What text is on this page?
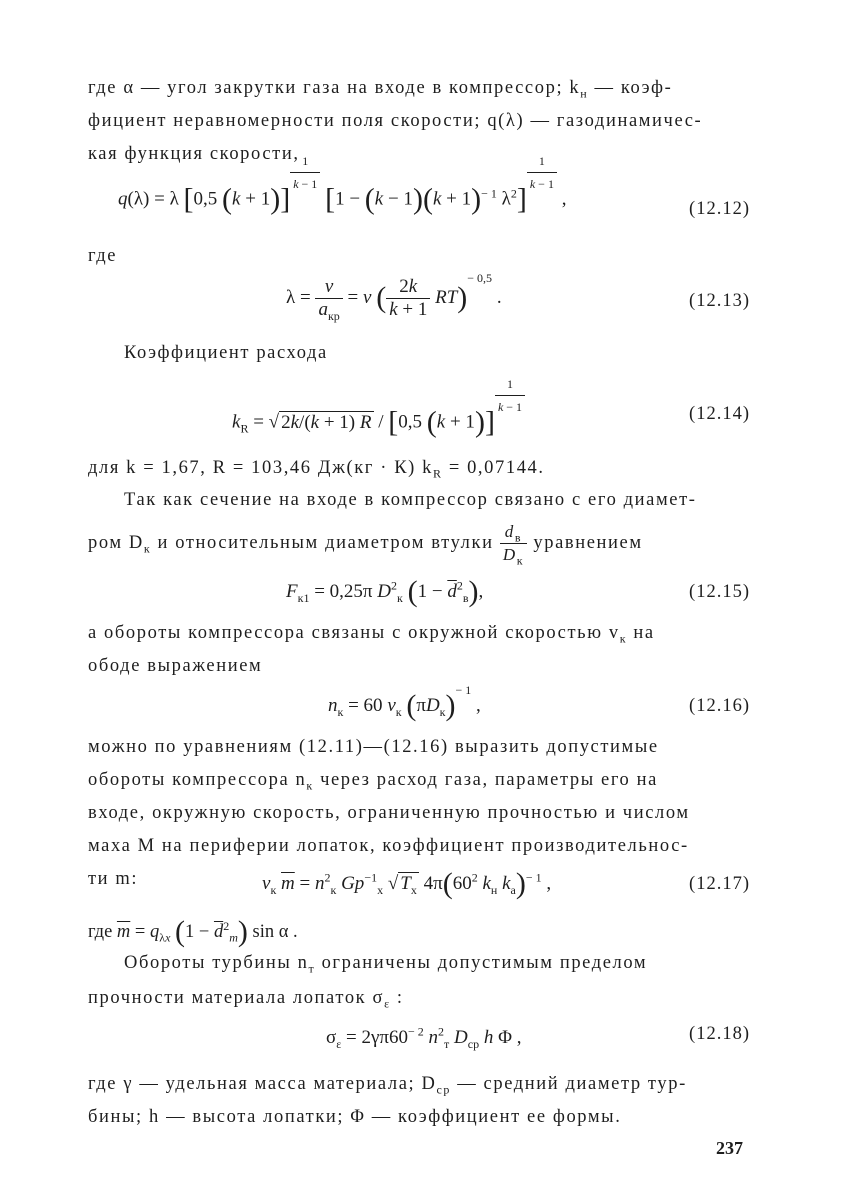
где α — угол закрутки газа на входе в компрессор; $k_н$ — коэф-
фициент неравномерности поля скорости; q(λ) — газодинамичес-
кая функция скорости,
q(λ) = λ [0,5 (k + 1)]
$^{\frac{1}{k - 1}}$
[$1 - (k - 1)(k + 1)^{- 1}$ $\lambda^2$]
$^{\frac{1}{k - 1}}$
,	(12.12)
где
$\lambda = \frac{v}{a_{кр}} = v$ ( $\frac{2k}{k + 1} RT)^{- 0,5}$ .	(12.13)
Коэффициент расхода
$k_R$ = √ 2k/(k + 1) R / [0,5 (k + 1)]
$^{\frac{1}{k - 1}}$	(12.14)
для k = 1,67, R = 103,46 Дж(кг · К) $k_R = 0,07144$.
Так как сечение на входе в компрессор связано с его диамет-
ром $D_к$ и относительным диаметром втулки $\frac{d_в}{D_к}$ уравнением
$F_{к1} = 0,25\pi$ $D^2_к$ $(1 - \overline{d}^2_в)$,	(12.15)
а обороты компрессора связаны с окружной скоростью $v_к$ на
ободе выражением
$n_к = 60$ $v_к$ $(\pi D_к)^{- 1}$ ,	(12.16)
можно по уравнениям (12.11)—(12.16) выразить допустимые
обороты компрессора $n_к$ через расход газа, параметры его на
входе, окружную скорость, ограниченную прочностью и числом
маха М на периферии лопаток, коэффициент производительнос-
ти m:	$v_к$ $\overline{m} = n^2_к$ $Gp^{-1}_х$ √ $T_х$ $4\pi(60^2$ $k_н$ $k_а)^{- 1}$ ,	(12.17)
где $\overline{m} = q_{\lambda x}$ $(1 - \overline{d}^2_m)$ sin α .
Обороты турбины $n_т$ ограничены допустимым пределом
прочности материала лопаток $\sigma_\varepsilon$ :
$\sigma_\varepsilon = 2\gamma\pi 60^{- 2}$ $n^2_т$ $D_{ср}$ h Φ ,	(12.18)
где γ — удельная масса материала; $D_{ср}$ — средний диаметр тур-
бины; h — высота лопатки; Φ — коэффициент ее формы.
237
